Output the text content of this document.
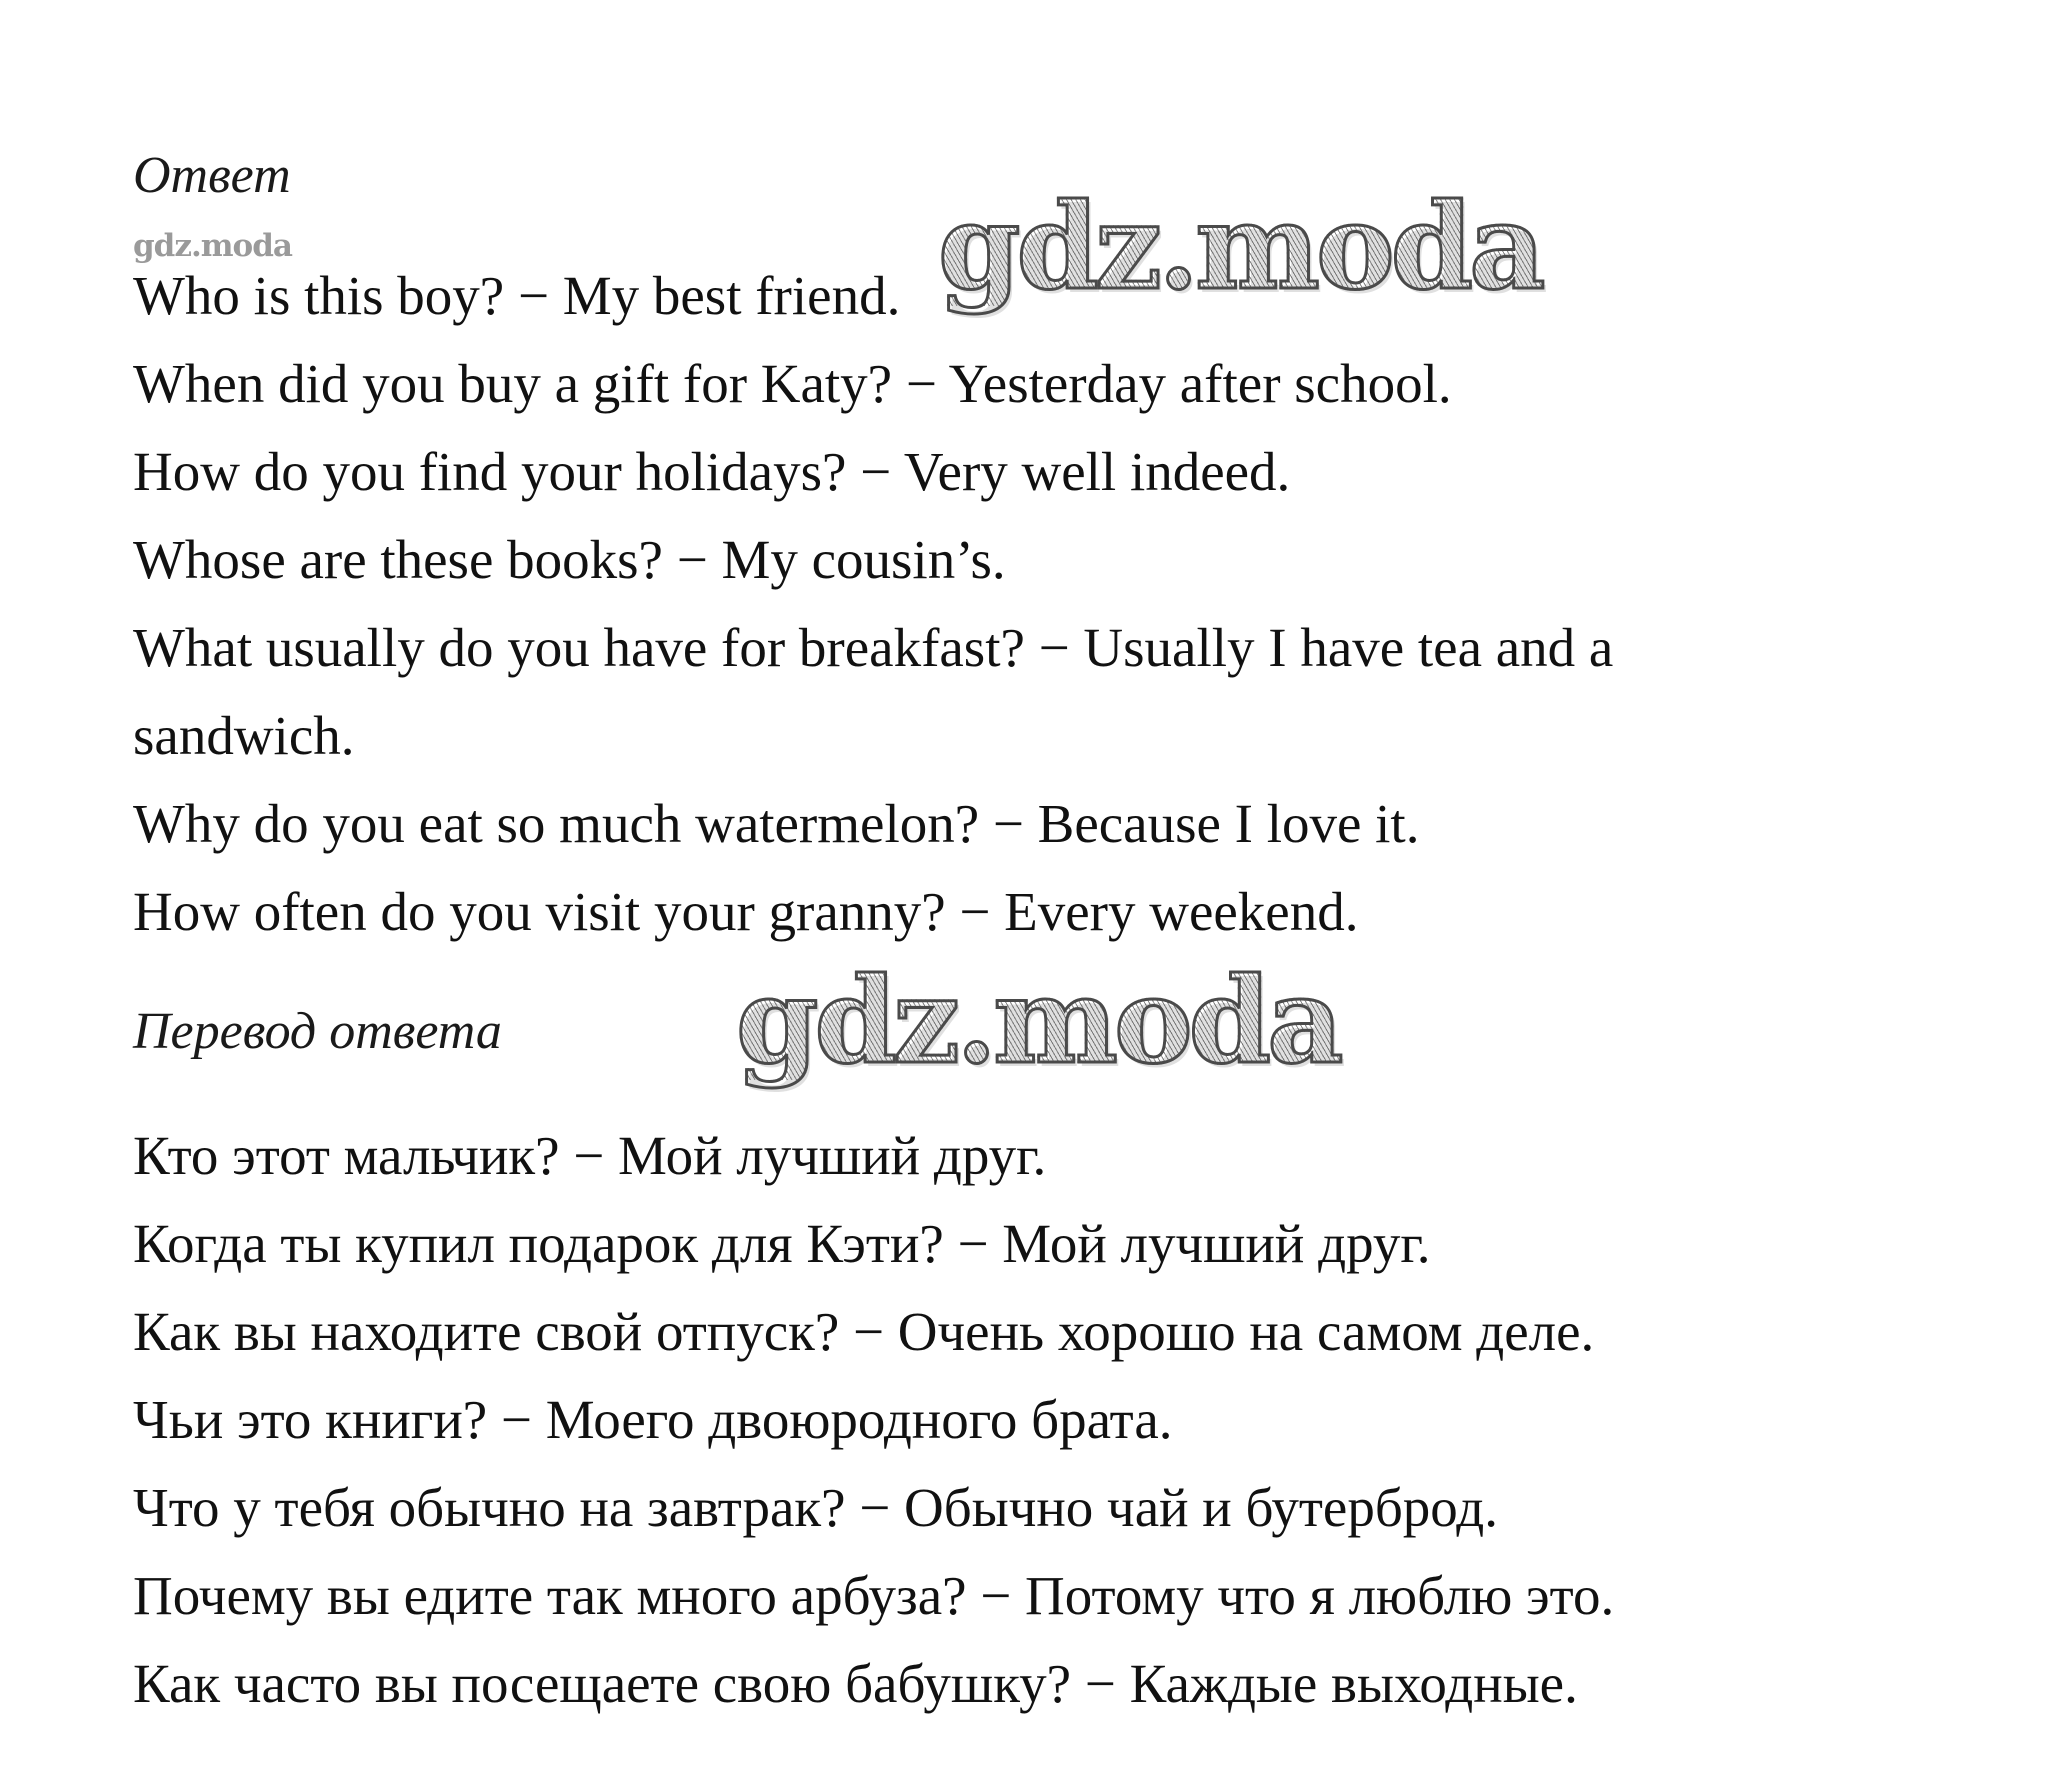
Ответ
gdz.moda
Who is this boy? − My best friend.
When did you buy a gift for Katy? − Yesterday after school.
How do you find your holidays? − Very well indeed.
Whose are these books? − My cousin’s.
What usually do you have for breakfast? − Usually I have tea and a
sandwich.
Why do you eat so much watermelon? − Because I love it.
How often do you visit your granny? − Every weekend.
Перевод ответа
Кто этот мальчик? − Мой лучший друг.
Когда ты купил подарок для Кэти? − Мой лучший друг.
Как вы находите свой отпуск? − Очень хорошо на самом деле.
Чьи это книги? − Моего двоюродного брата.
Что у тебя обычно на завтрак? − Обычно чай и бутерброд.
Почему вы едите так много арбуза? − Потому что я люблю это.
Как часто вы посещаете свою бабушку? − Каждые выходные.
gdz.moda
gdz.moda
